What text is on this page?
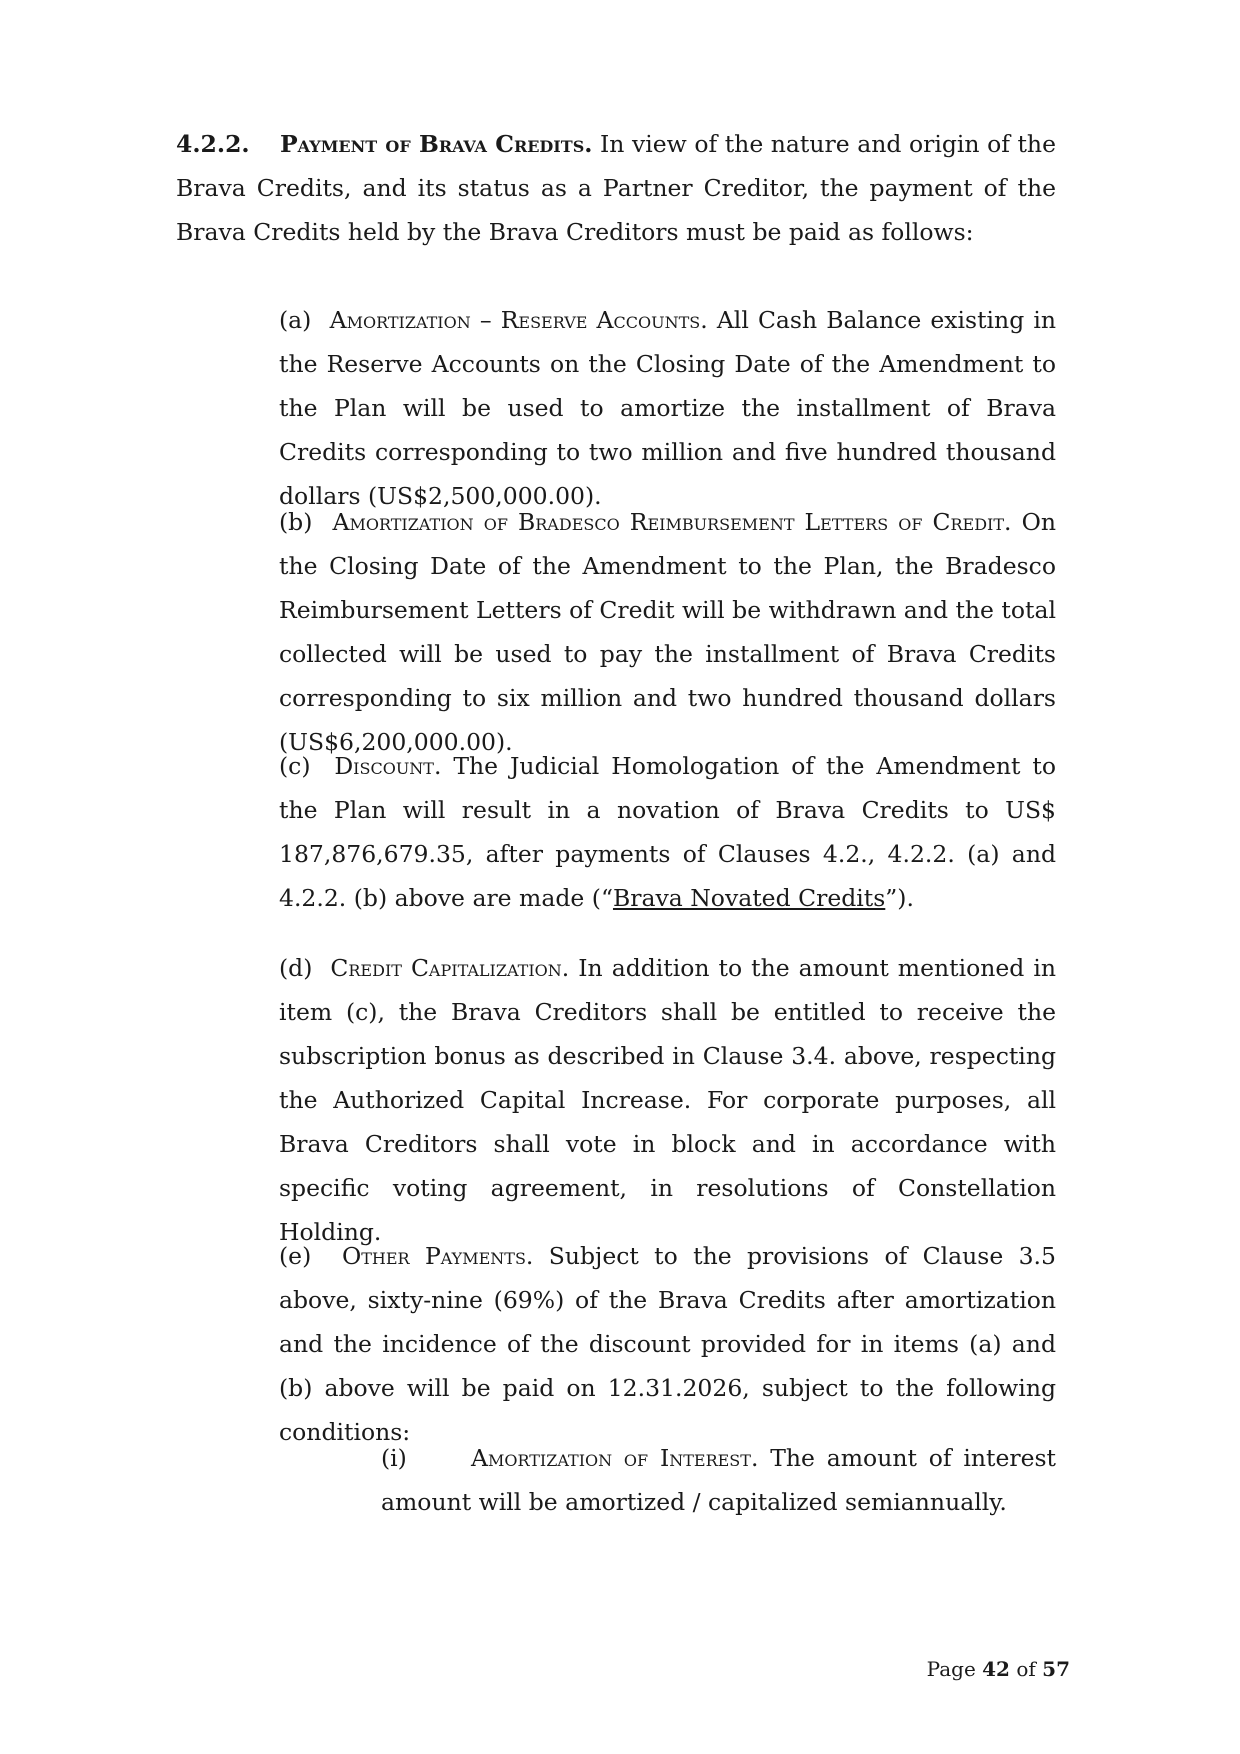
4.2.2. Payment of Brava Credits. In view of the nature and origin of the Brava Credits, and its status as a Partner Creditor, the payment of the Brava Credits held by the Brava Creditors must be paid as follows:

(a) Amortization – Reserve Accounts. All Cash Balance existing in the Reserve Accounts on the Closing Date of the Amendment to the Plan will be used to amortize the installment of Brava Credits corresponding to two million and five hundred thousand dollars (US$2,500,000.00).

(b) Amortization of Bradesco Reimbursement Letters of Credit. On the Closing Date of the Amendment to the Plan, the Bradesco Reimbursement Letters of Credit will be withdrawn and the total collected will be used to pay the installment of Brava Credits corresponding to six million and two hundred thousand dollars (US$6,200,000.00).

(c) Discount. The Judicial Homologation of the Amendment to the Plan will result in a novation of Brava Credits to US$ 187,876,679.35, after payments of Clauses 4.2., 4.2.2. (a) and 4.2.2. (b) above are made (“Brava Novated Credits”).

(d) Credit Capitalization. In addition to the amount mentioned in item (c), the Brava Creditors shall be entitled to receive the subscription bonus as described in Clause 3.4. above, respecting the Authorized Capital Increase. For corporate purposes, all Brava Creditors shall vote in block and in accordance with specific voting agreement, in resolutions of Constellation Holding.

(e) Other Payments. Subject to the provisions of Clause 3.5 above, sixty-nine (69%) of the Brava Credits after amortization and the incidence of the discount provided for in items (a) and (b) above will be paid on 12.31.2026, subject to the following conditions:

(i)	Amortization of Interest. The amount of interest amount will be amortized / capitalized semiannually.

Page 42 of 57
